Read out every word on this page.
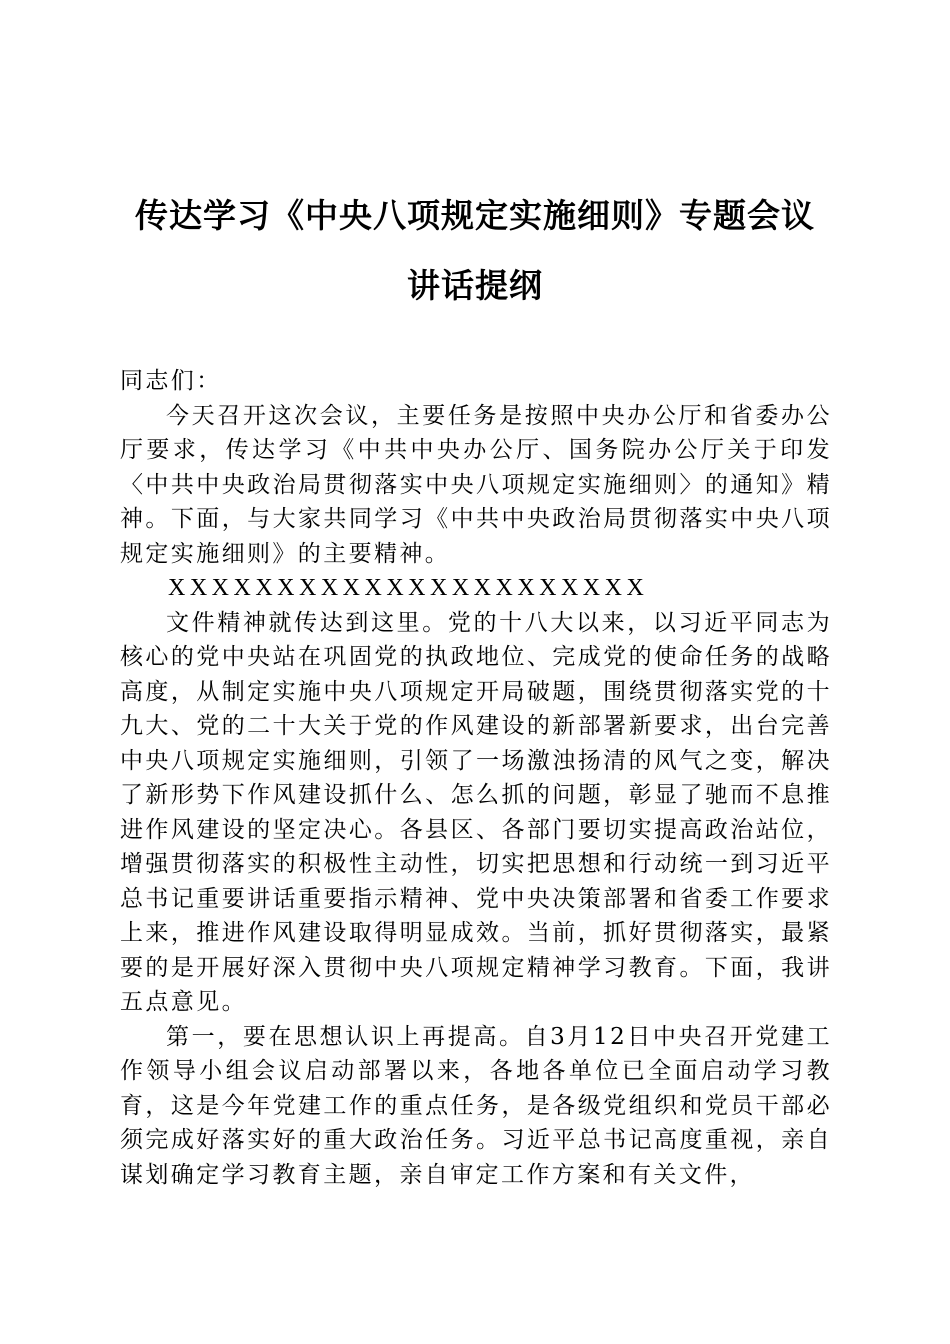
传达学习《中央八项规定实施细则》专题会议
讲话提纲

同志们：

今天召开这次会议，主要任务是按照中央办公厅和省委办公厅要求，传达学习《中共中央办公厅、国务院办公厅关于印发〈中共中央政治局贯彻落实中央八项规定实施细则〉的通知》精神。下面，与大家共同学习《中共中央政治局贯彻落实中央八项规定实施细则》的主要精神。

XXXXXXXXXXXXXXXXXXXXXX

文件精神就传达到这里。党的十八大以来，以习近平同志为核心的党中央站在巩固党的执政地位、完成党的使命任务的战略高度，从制定实施中央八项规定开局破题，围绕贯彻落实党的十九大、党的二十大关于党的作风建设的新部署新要求，出台完善中央八项规定实施细则，引领了一场激浊扬清的风气之变，解决了新形势下作风建设抓什么、怎么抓的问题，彰显了驰而不息推进作风建设的坚定决心。各县区、各部门要切实提高政治站位，增强贯彻落实的积极性主动性，切实把思想和行动统一到习近平总书记重要讲话重要指示精神、党中央决策部署和省委工作要求上来，推进作风建设取得明显成效。当前，抓好贯彻落实，最紧要的是开展好深入贯彻中央八项规定精神学习教育。下面，我讲五点意见。

第一，要在思想认识上再提高。自3月12日中央召开党建工作领导小组会议启动部署以来，各地各单位已全面启动学习教育，这是今年党建工作的重点任务，是各级党组织和党员干部必须完成好落实好的重大政治任务。习近平总书记高度重视，亲自谋划确定学习教育主题，亲自审定工作方案和有关文件，
